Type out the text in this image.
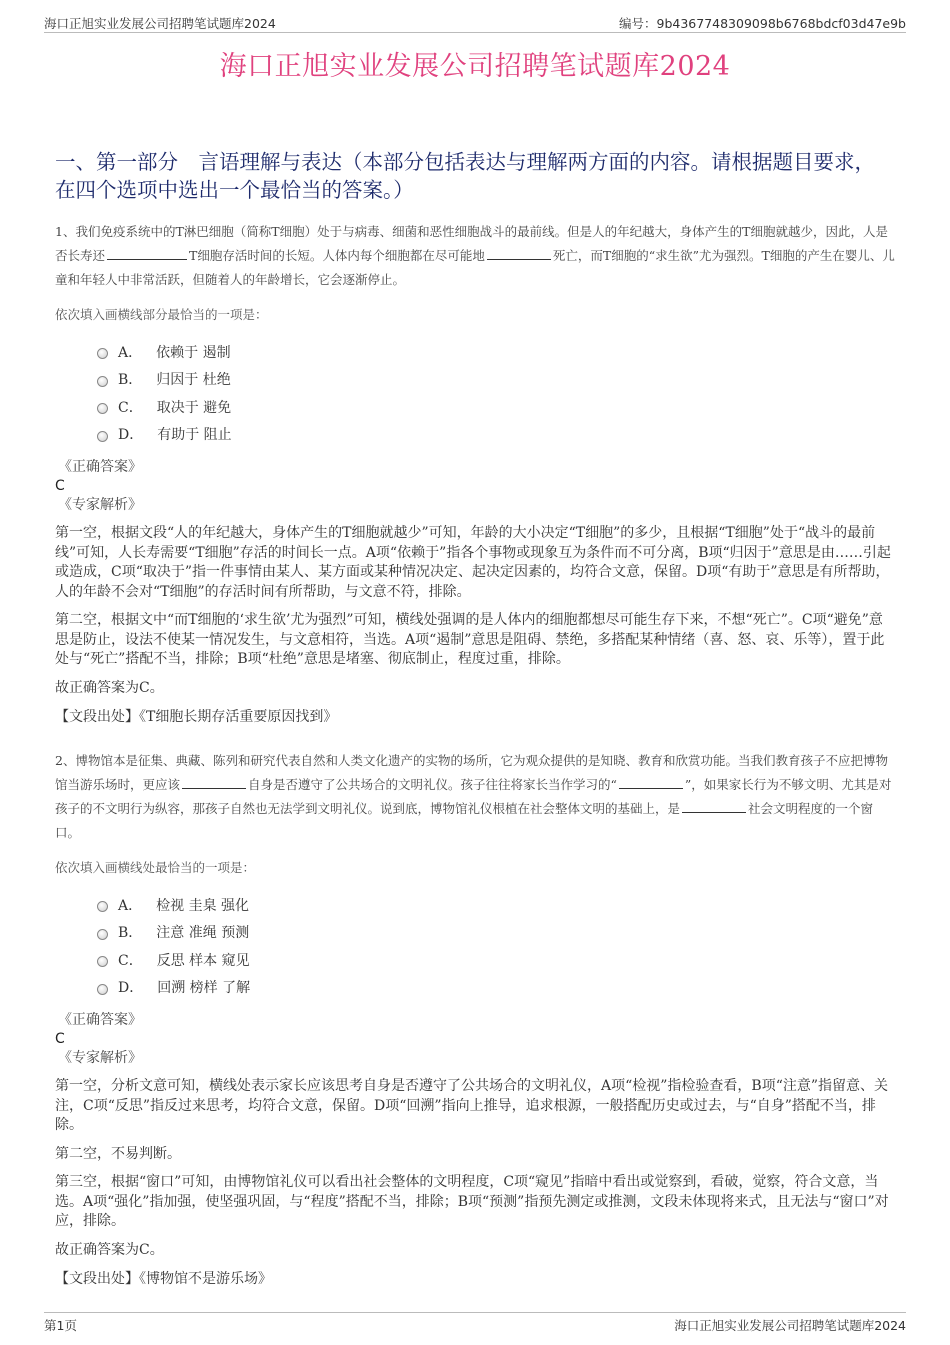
海口正旭实业发展公司招聘笔试题库2024	编号：9b4367748309098b6768bdcf03d47e9b
海口正旭实业发展公司招聘笔试题库2024
一、第一部分　言语理解与表达（本部分包括表达与理解两方面的内容。请根据题目要求，在四个选项中选出一个最恰当的答案。）

1、我们免疫系统中的T淋巴细胞（简称T细胞）处于与病毒、细菌和恶性细胞战斗的最前线。但是人的年纪越大，身体产生的T细胞就越少，因此，人是否长寿还	T细胞存活时间的长短。人体内每个细胞都在尽可能地	死亡，而T细胞的“求生欲”尤为强烈。T细胞的产生在婴儿、儿童和年轻人中非常活跃，但随着人的年龄增长，它会逐渐停止。

依次填入画横线部分最恰当的一项是：
A． 依赖于 遏制
B． 归因于 杜绝
C． 取决于 避免
D． 有助于 阻止
《正确答案》
C
《专家解析》

第一空，根据文段“人的年纪越大，身体产生的T细胞就越少”可知，年龄的大小决定“T细胞”的多少，且根据“T细胞”处于“战斗的最前线”可知，人长寿需要“T细胞”存活的时间长一点。A项“依赖于”指各个事物或现象互为条件而不可分离，B项“归因于”意思是由……引起或造成，C项“取决于”指一件事情由某人、某方面或某种情况决定、起决定因素的，均符合文意，保留。D项“有助于”意思是有所帮助，人的年龄不会对“T细胞”的存活时间有所帮助，与文意不符，排除。

第二空，根据文中“而T细胞的‘求生欲’尤为强烈”可知，横线处强调的是人体内的细胞都想尽可能生存下来，不想“死亡”。C项“避免”意思是防止，设法不使某一情况发生，与文意相符，当选。A项“遏制”意思是阻碍、禁绝，多搭配某种情绪（喜、怒、哀、乐等），置于此处与“死亡”搭配不当，排除；B项“杜绝”意思是堵塞、彻底制止，程度过重，排除。

故正确答案为C。

【文段出处】《T细胞长期存活重要原因找到》

2、博物馆本是征集、典藏、陈列和研究代表自然和人类文化遗产的实物的场所，它为观众提供的是知晓、教育和欣赏功能。当我们教育孩子不应把博物馆当游乐场时，更应该	自身是否遵守了公共场合的文明礼仪。孩子往往将家长当作学习的“	”，如果家长行为不够文明、尤其是对孩子的不文明行为纵容，那孩子自然也无法学到文明礼仪。说到底，博物馆礼仪根植在社会整体文明的基础上，是	社会文明程度的一个窗口。

依次填入画横线处最恰当的一项是：
A． 检视 圭臬 强化
B． 注意 准绳 预测
C． 反思 样本 窥见
D． 回溯 榜样 了解
《正确答案》
C
《专家解析》

第一空，分析文意可知，横线处表示家长应该思考自身是否遵守了公共场合的文明礼仪，A项“检视”指检验查看，B项“注意”指留意、关注，C项“反思”指反过来思考，均符合文意，保留。D项“回溯”指向上推导，追求根源，一般搭配历史或过去，与“自身”搭配不当，排除。

第二空，不易判断。

第三空，根据“窗口”可知，由博物馆礼仪可以看出社会整体的文明程度，C项“窥见”指暗中看出或觉察到，看破，觉察，符合文意，当选。A项“强化”指加强，使坚强巩固，与“程度”搭配不当，排除；B项“预测”指预先测定或推测，文段未体现将来式，且无法与“窗口”对应，排除。

故正确答案为C。

【文段出处】《博物馆不是游乐场》

第1页	海口正旭实业发展公司招聘笔试题库2024
